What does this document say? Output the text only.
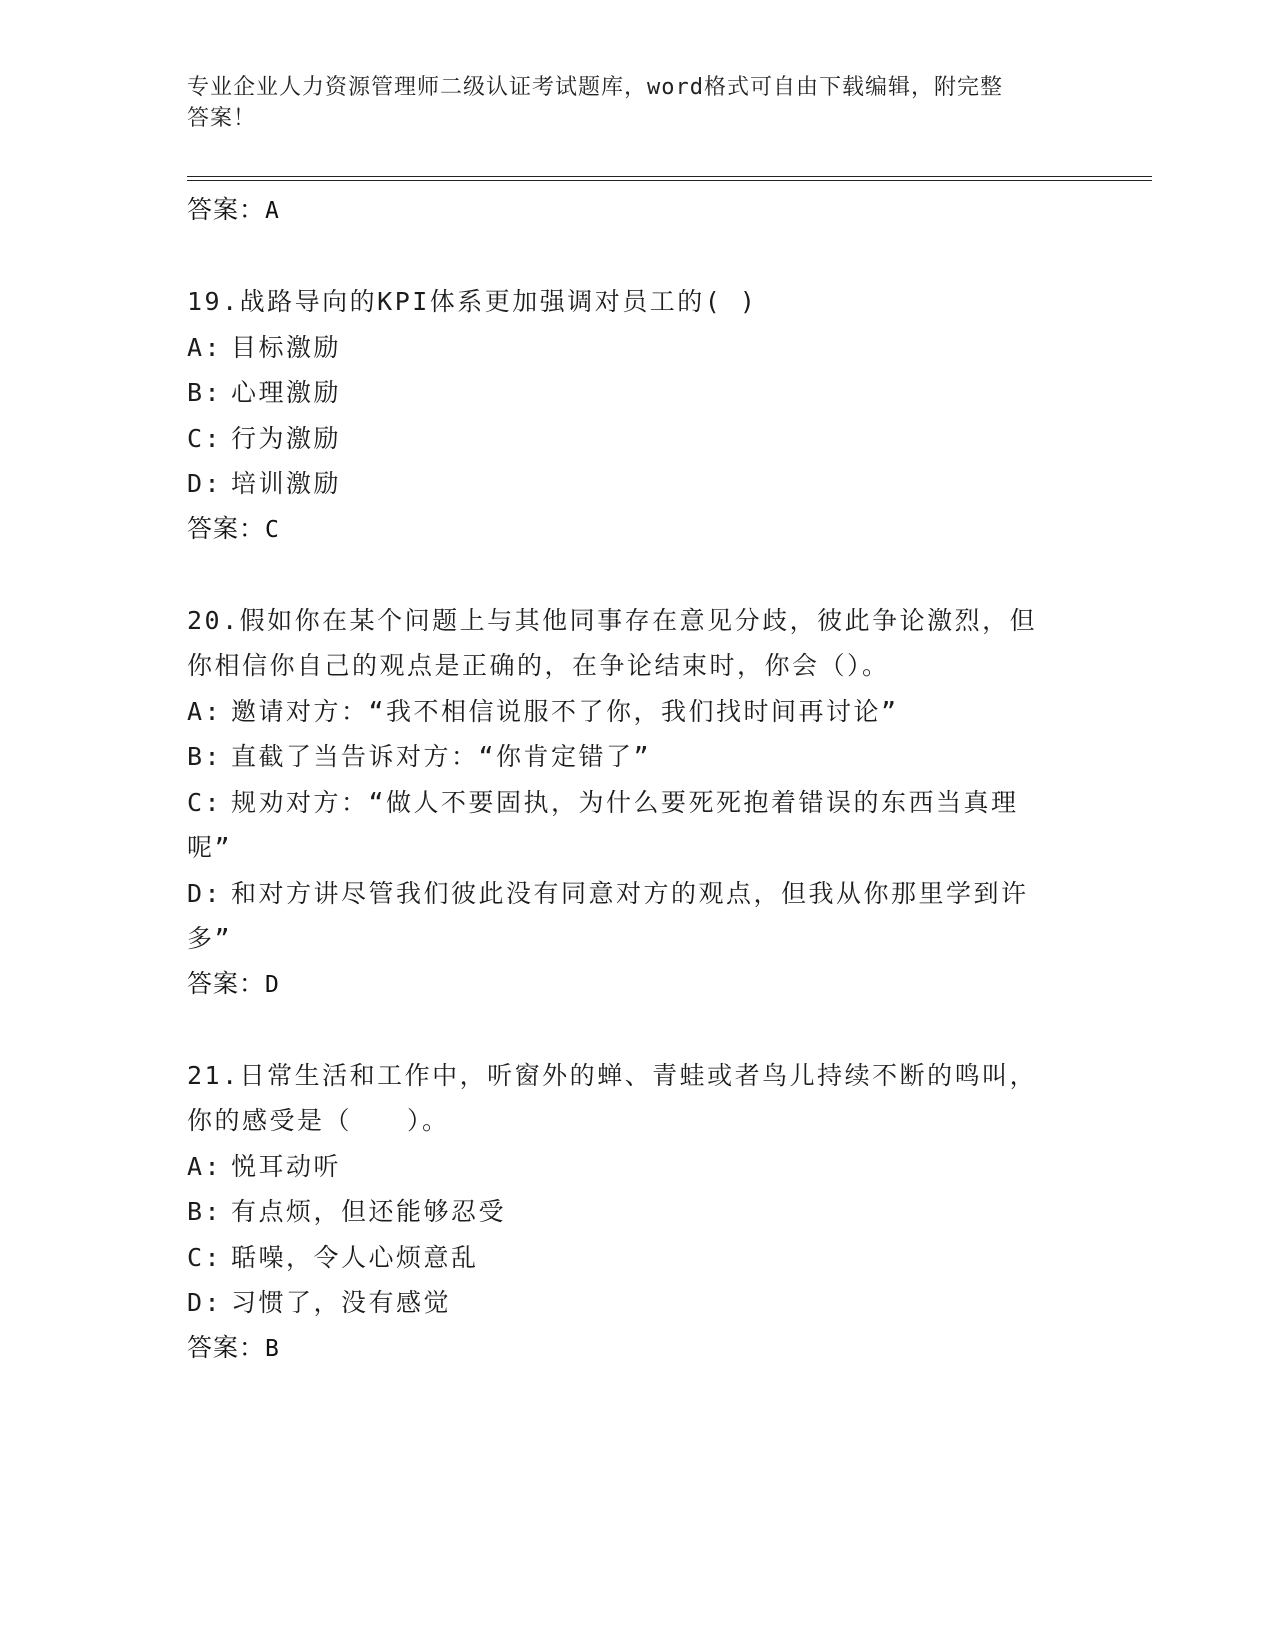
专业企业人力资源管理师二级认证考试题库，word格式可自由下载编辑，附完整
答案！
答案：A
19.战路导向的KPI体系更加强调对员工的( )
A: 目标激励
B: 心理激励
C: 行为激励
D: 培训激励
答案：C
20.假如你在某个问题上与其他同事存在意见分歧，彼此争论激烈，但
你相信你自己的观点是正确的，在争论结束时，你会（）。
A: 邀请对方：“我不相信说服不了你，我们找时间再讨论”
B: 直截了当告诉对方：“你肯定错了”
C: 规劝对方：“做人不要固执，为什么要死死抱着错误的东西当真理
呢”
D: 和对方讲尽管我们彼此没有同意对方的观点，但我从你那里学到许
多”
答案：D
21.日常生活和工作中，听窗外的蝉、青蛙或者鸟儿持续不断的鸣叫，
你的感受是（　　）。
A: 悦耳动听
B: 有点烦，但还能够忍受
C: 聒噪，令人心烦意乱
D: 习惯了，没有感觉
答案：B
